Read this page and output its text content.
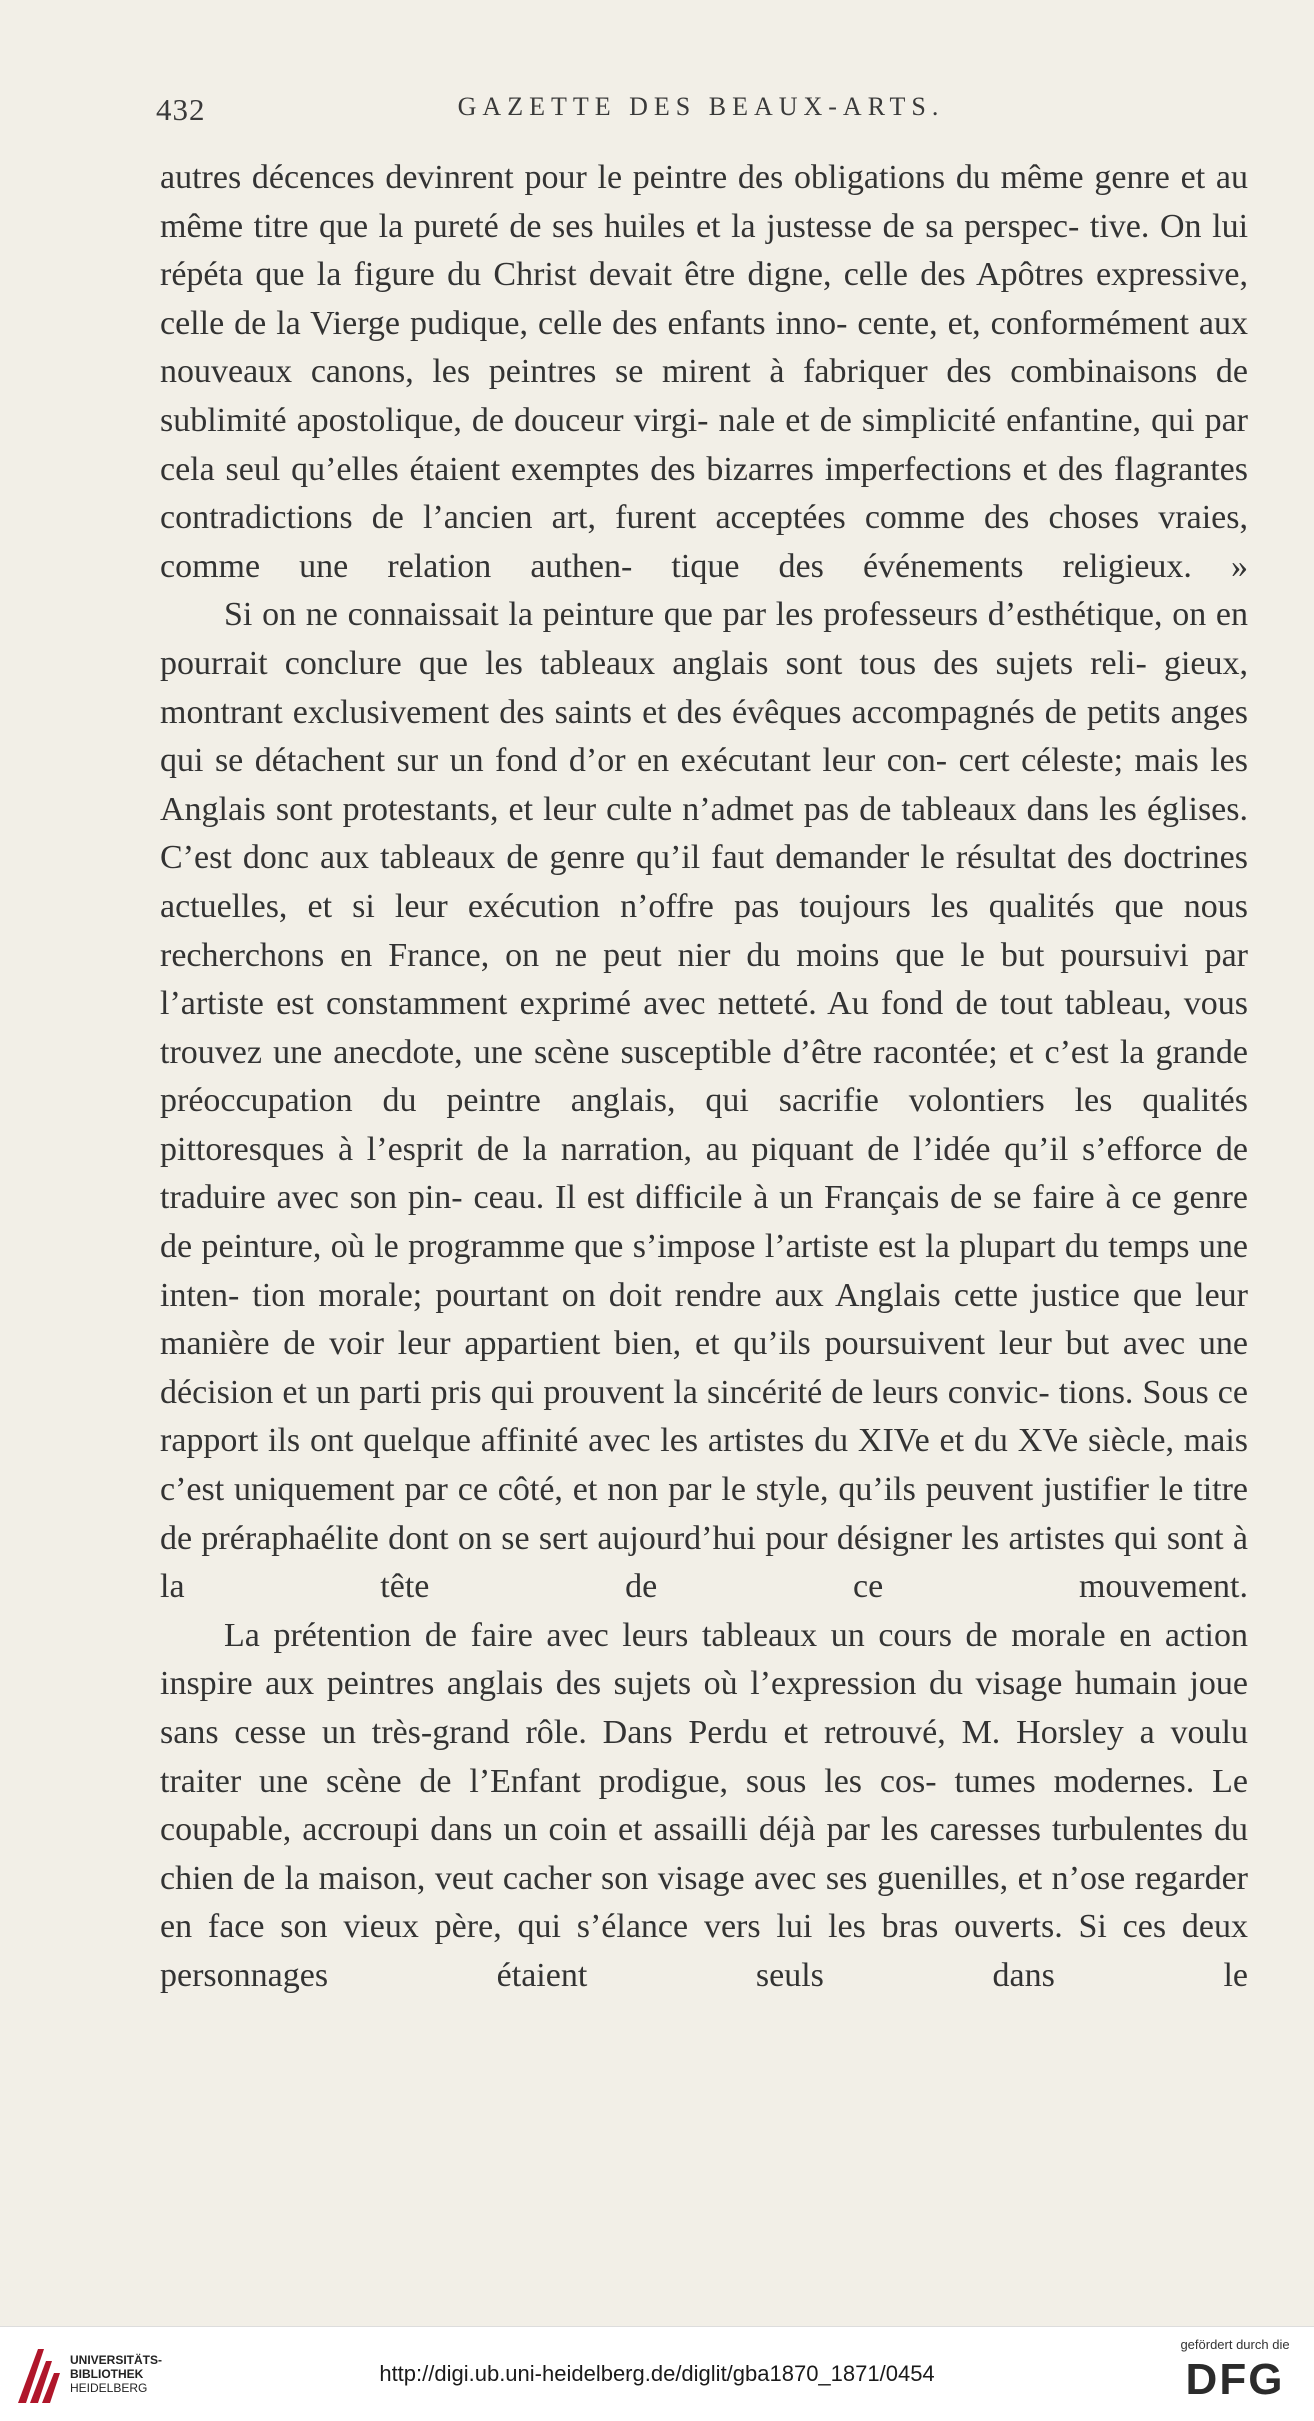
432	GAZETTE DES BEAUX-ARTS.

autres décences devinrent pour le peintre des obligations du même genre et au même titre que la pureté de ses huiles et la justesse de sa perspec- tive. On lui répéta que la figure du Christ devait être digne, celle des Apôtres expressive, celle de la Vierge pudique, celle des enfants inno- cente, et, conformément aux nouveaux canons, les peintres se mirent à fabriquer des combinaisons de sublimité apostolique, de douceur virgi- nale et de simplicité enfantine, qui par cela seul qu’elles étaient exemptes des bizarres imperfections et des flagrantes contradictions de l’ancien art, furent acceptées comme des choses vraies, comme une relation authen- tique des événements religieux. »

Si on ne connaissait la peinture que par les professeurs d’esthétique, on en pourrait conclure que les tableaux anglais sont tous des sujets reli- gieux, montrant exclusivement des saints et des évêques accompagnés de petits anges qui se détachent sur un fond d’or en exécutant leur con- cert céleste; mais les Anglais sont protestants, et leur culte n’admet pas de tableaux dans les églises. C’est donc aux tableaux de genre qu’il faut demander le résultat des doctrines actuelles, et si leur exécution n’offre pas toujours les qualités que nous recherchons en France, on ne peut nier du moins que le but poursuivi par l’artiste est constamment exprimé avec netteté. Au fond de tout tableau, vous trouvez une anecdote, une scène susceptible d’être racontée; et c’est la grande préoccupation du peintre anglais, qui sacrifie volontiers les qualités pittoresques à l’esprit de la narration, au piquant de l’idée qu’il s’efforce de traduire avec son pin- ceau. Il est difficile à un Français de se faire à ce genre de peinture, où le programme que s’impose l’artiste est la plupart du temps une inten- tion morale; pourtant on doit rendre aux Anglais cette justice que leur manière de voir leur appartient bien, et qu’ils poursuivent leur but avec une décision et un parti pris qui prouvent la sincérité de leurs convic- tions. Sous ce rapport ils ont quelque affinité avec les artistes du XIVe et du XVe siècle, mais c’est uniquement par ce côté, et non par le style, qu’ils peuvent justifier le titre de préraphaélite dont on se sert aujourd’hui pour désigner les artistes qui sont à la tête de ce mouvement.

La prétention de faire avec leurs tableaux un cours de morale en action inspire aux peintres anglais des sujets où l’expression du visage humain joue sans cesse un très-grand rôle. Dans Perdu et retrouvé, M. Horsley a voulu traiter une scène de l’Enfant prodigue, sous les cos- tumes modernes. Le coupable, accroupi dans un coin et assailli déjà par les caresses turbulentes du chien de la maison, veut cacher son visage avec ses guenilles, et n’ose regarder en face son vieux père, qui s’élance vers lui les bras ouverts. Si ces deux personnages étaient seuls dans le

UNIVERSITÄTS-
BIBLIOTHEK
HEIDELBERG
http://digi.ub.uni-heidelberg.de/diglit/gba1870_1871/0454
gefördert durch die
DFG
